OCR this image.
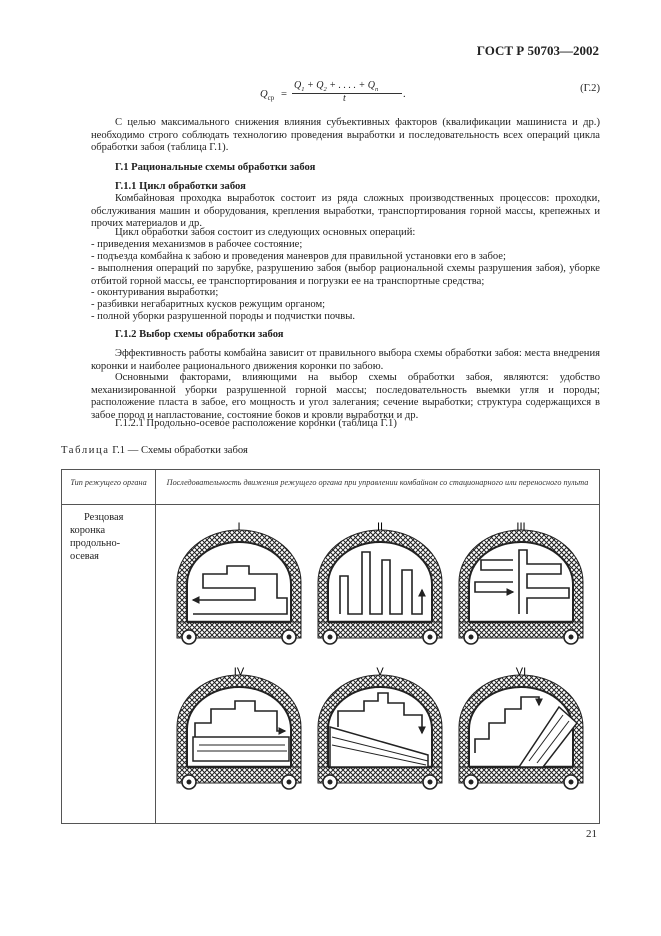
ГОСТ Р 50703—2002
$Q_{ср}$ =
$Q_1 + Q_2$ + . . . . + $Q_n$
t	.
(Г.2)
С целью максимального снижения влияния субъективных факторов (квалификации машиниста и др.) необходимо строго соблюдать технологию проведения выработки и последовательность всех операций цикла обработки забоя (таблица Г.1).
Г.1 Рациональные схемы обработки забоя
Г.1.1 Цикл обработки забоя
Комбайновая проходка выработок состоит из ряда сложных производственных процессов: проходки, обслуживания машин и оборудования, крепления выработки, транспортирования горной массы, крепежных и прочих материалов и др.
Цикл обработки забоя состоит из следующих основных операций:
- приведения механизмов в рабочее состояние;
- подъезда комбайна к забою и проведения маневров для правильной установки его в забое;
- выполнения операций по зарубке, разрушению забоя (выбор рациональной схемы разрушения забоя), уборке отбитой горной массы, ее транспортирования и погрузки ее на транспортные средства;
- оконтуривания выработки;
- разбивки негабаритных кусков режущим органом;
- полной уборки разрушенной породы и подчистки почвы.
Г.1.2 Выбор схемы обработки забоя
Эффективность работы комбайна зависит от правильного выбора схемы обработки забоя: места внедрения коронки и наиболее рационального движения коронки по забою.
Основными факторами, влияющими на выбор схемы обработки забоя, являются: удобство механизированной уборки разрушенной горной массы; последовательность выемки угля и породы; расположение пласта в забое, его мощность и угол залегания; сечение выработки; структура содержащихся в забое пород и напластование, состояние боков и кровли выработки и др.
Г.1.2.1 Продольно-осевое расположение коронки (таблица Г.1)
Таблица Г.1 — Схемы обработки забоя
Тип режущего органа	Последовательность движения режущего органа при управлении комбайном со стационарного или переносного пульта

Резцовая коронка продольно-осевая	

I	II	III
IV	V	VI
21
